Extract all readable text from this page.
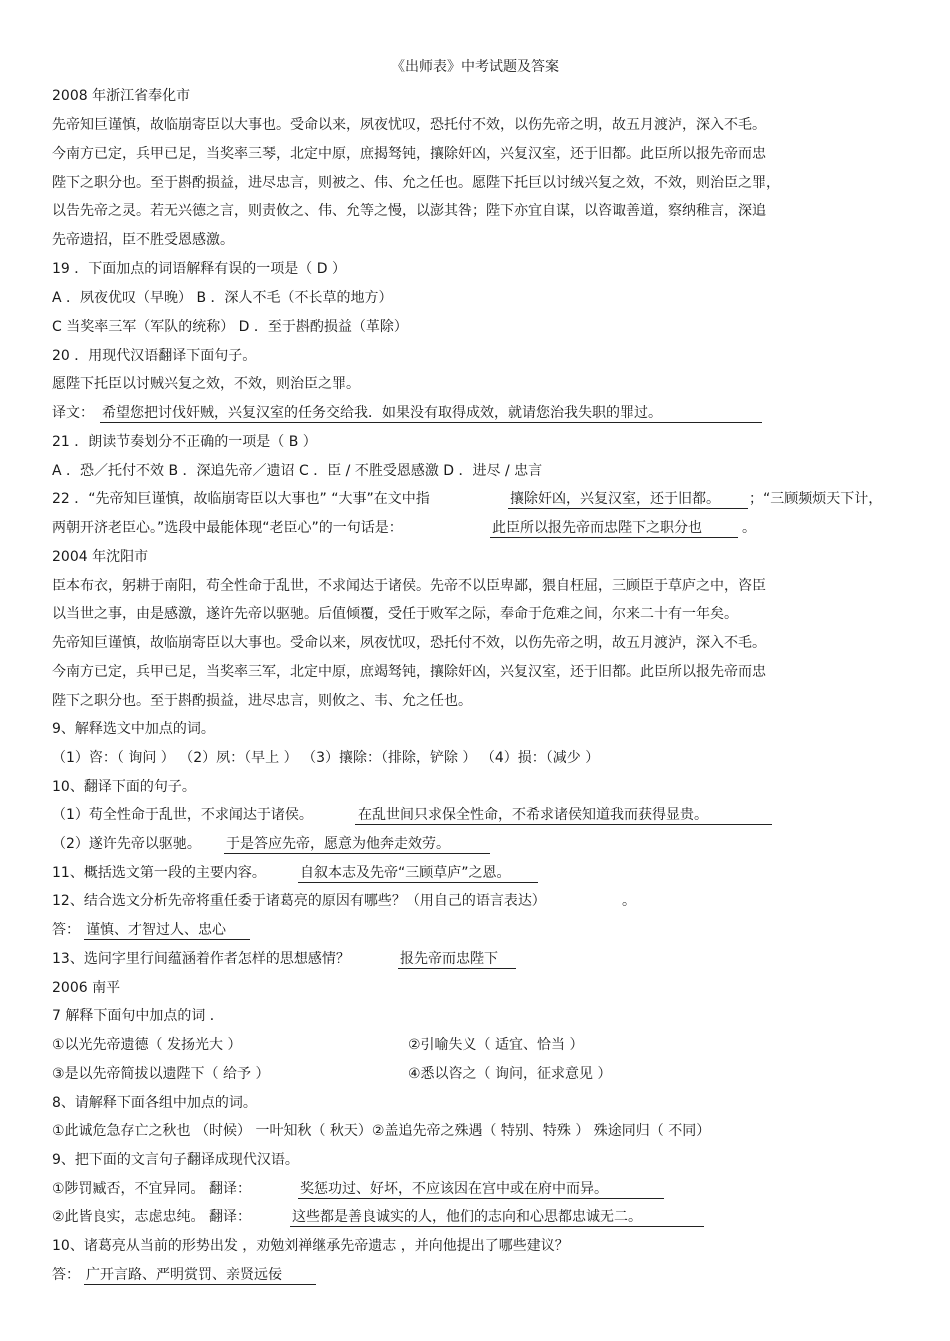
《出师表》中考试题及答案
2008 年浙江省奉化市
先帝知巨谨慎，故临崩寄臣以大事也。受命以来，夙夜忧叹，恐托付不效，以伤先帝之明，故五月渡泸，深入不毛。
今南方已定，兵甲已足，当奖率三琴，北定中原，庶揭驽钝，攘除奸凶，兴复汉室，还于旧都。此臣所以报先帝而忠
陛下之职分也。至于斟酌损益，进尽忠言，则被之、伟、允之任也。愿陛下托巨以讨绒兴复之效，不效，则治臣之罪，
以告先帝之灵。若无兴德之言，则责攸之、伟、允等之慢，以澎其咎；陛下亦宜自谋，以咨诹善道，察纳稚言，深追
先帝遗招，臣不胜受恩感激。
19 ．下面加点的词语解释有误的一项是（ D ）
A ．夙夜优叹（早晚） B ．深人不毛（不长草的地方）
C 当奖率三军（军队的统称） D ．至于斟酌损益（革除）
20 ．用现代汉语翻译下面句子。
愿陛下托臣以讨贼兴复之效，不效，则治臣之罪。
译文： 希望您把讨伐奸贼，兴复汉室的任务交给我．如果没有取得成效，就请您治我失职的罪过。
21 ．朗读节奏划分不正确的一项是（ B ）
A ．恐／托付不效 B ．深追先帝／遗诏 C ．臣 / 不胜受恩感激 D ．进尽 / 忠言
22 ．“先帝知巨谨慎，故临崩寄臣以大事也” “大事”在文中指	攘除奸凶，兴复汉室，还于旧都。 ；“三顾频烦天下计，
两朝开济老臣心。”选段中最能体现“老臣心”的一句话是：	此臣所以报先帝而忠陛下之职分也	。
2004 年沈阳市
臣本布衣，躬耕于南阳，苟全性命于乱世，不求闻达于诸侯。先帝不以臣卑鄙，猥自枉屈，三顾臣于草庐之中，咨臣
以当世之事，由是感激，遂许先帝以驱驰。后值倾覆，受任于败军之际，奉命于危难之间，尔来二十有一年矣。
先帝知巨谨慎，故临崩寄臣以大事也。受命以来，夙夜忧叹，恐托付不效，以伤先帝之明，故五月渡泸，深入不毛。
今南方已定，兵甲已足，当奖率三军，北定中原，庶竭驽钝，攘除奸凶，兴复汉室，还于旧都。此臣所以报先帝而忠
陛下之职分也。至于斟酌损益，进尽忠言，则攸之、韦、允之任也。
9、解释选文中加点的词。
（1）咨：（ 询问 ） （2）夙：（早上 ） （3）攘除：（排除，铲除 ） （4）损：（减少 ）
10、翻译下面的句子。
（1）苟全性命于乱世，不求闻达于诸侯。	在乱世间只求保全性命，不希求诸侯知道我而获得显贵。
（2）遂许先帝以驱驰。 于是答应先帝，愿意为他奔走效劳。
11、概括选文第一段的主要内容。 自叙本志及先帝“三顾草庐”之恩。
12、结合选文分析先帝将重任委于诸葛亮的原因有哪些？（用自己的语言表达）	。
答： 谨慎、才智过人、忠心
13、选问字里行间蕴涵着作者怎样的思想感情？	报先帝而忠陛下
2006 南平
7 解释下面句中加点的词 ．
①以光先帝遗德（ 发扬光大 ）	②引喻失义（ 适宜、恰当 ）
③是以先帝简拔以遗陛下（ 给予 ）	④悉以咨之（ 询问，征求意见 ）
8、请解释下面各组中加点的词。
①此诚危急存亡之秋也 （时候） 一叶知秋（ 秋天）②盖追先帝之殊遇（ 特别、特殊 ） 殊途同归（ 不同）
9、把下面的文言句子翻译成现代汉语。
①陟罚臧否，不宜异同。 翻译：	奖惩功过、好坏，不应该因在宫中或在府中而异。
②此皆良实，志虑忠纯。 翻译：	这些都是善良诚实的人，他们的志向和心思都忠诚无二。
10、诸葛亮从当前的形势出发 ，劝勉刘禅继承先帝遗志 ，并向他提出了哪些建议？
答： 广开言路、严明赏罚、亲贤远佞
